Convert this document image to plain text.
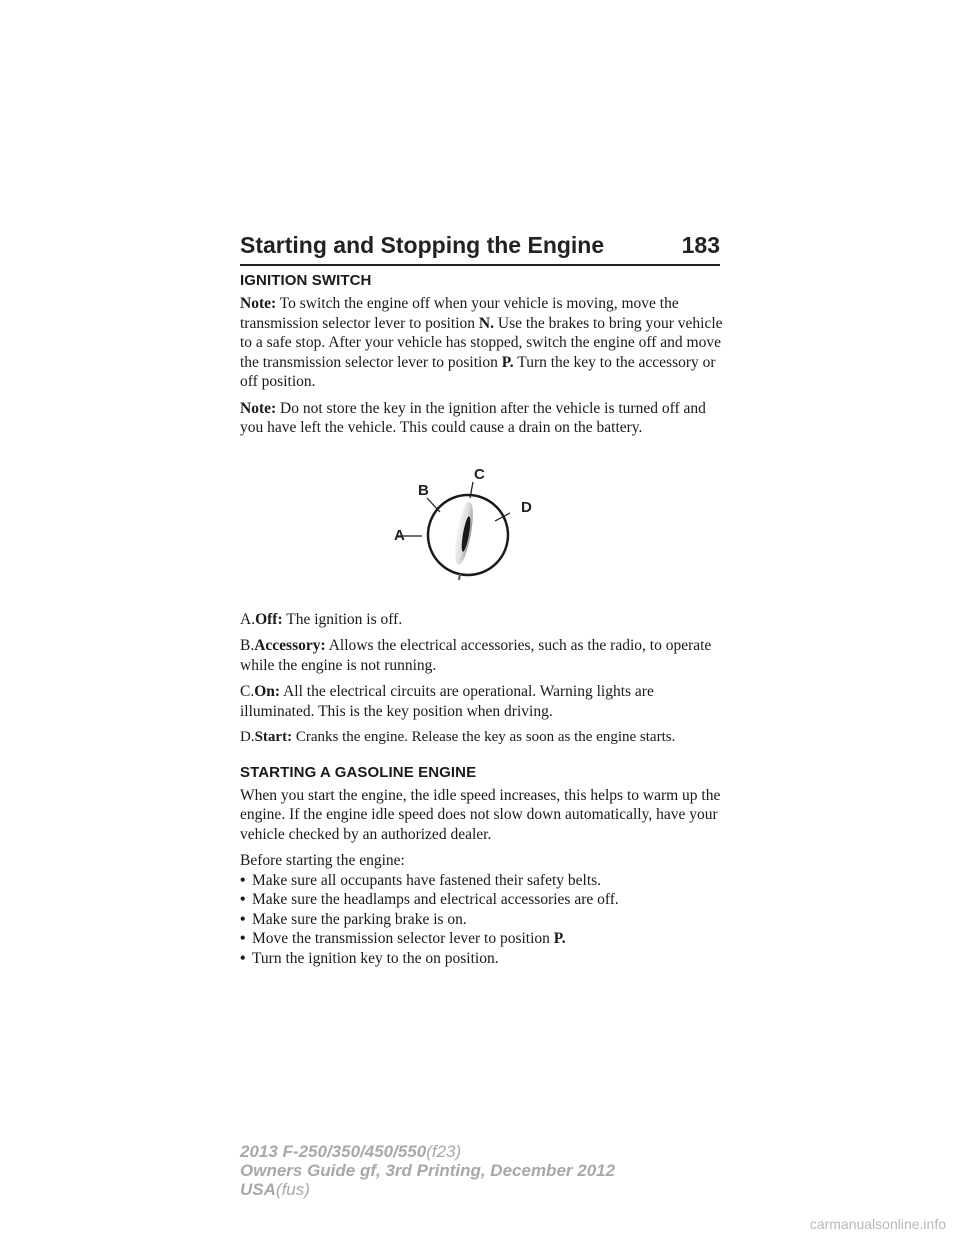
Starting and Stopping the Engine	183
IGNITION SWITCH

Note: To switch the engine off when your vehicle is moving, move the transmission selector lever to position N. Use the brakes to bring your vehicle to a safe stop. After your vehicle has stopped, switch the engine off and move the transmission selector lever to position P. Turn the key to the accessory or off position.

Note: Do not store the key in the ignition after the vehicle is turned off and you have left the vehicle. This could cause a drain on the battery.

A
B
C
D

A.Off: The ignition is off.

B.Accessory: Allows the electrical accessories, such as the radio, to operate while the engine is not running.

C.On: All the electrical circuits are operational. Warning lights are illuminated. This is the key position when driving.

D.Start: Cranks the engine. Release the key as soon as the engine starts.

STARTING A GASOLINE ENGINE

When you start the engine, the idle speed increases, this helps to warm up the engine. If the engine idle speed does not slow down automatically, have your vehicle checked by an authorized dealer.

Before starting the engine:

• Make sure all occupants have fastened their safety belts.
• Make sure the headlamps and electrical accessories are off.
• Make sure the parking brake is on.
• Move the transmission selector lever to position P.
• Turn the ignition key to the on position.
2013 F-250/350/450/550(f23)
Owners Guide gf, 3rd Printing, December 2012
USA(fus)
carmanualsonline.info
